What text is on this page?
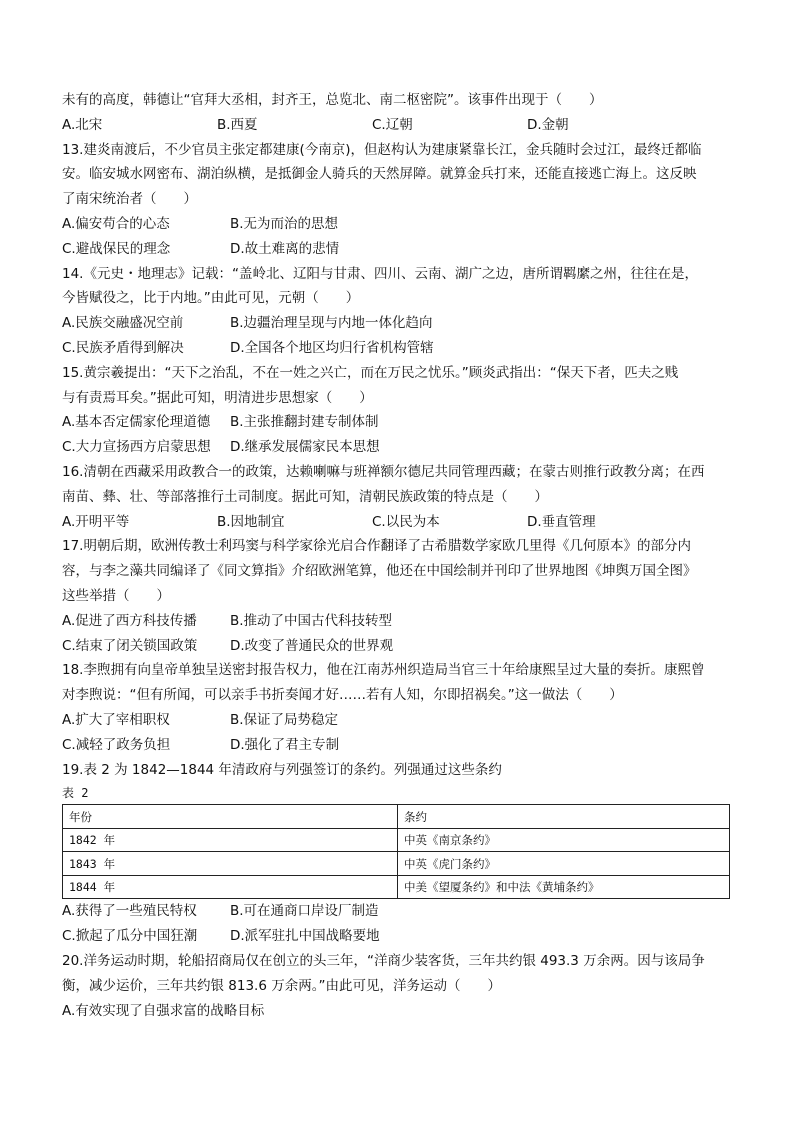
未有的高度，韩德让“官拜大丞相，封齐王，总览北、南二枢密院”。该事件出现于（　　）
A.北宋	B.西夏	C.辽朝	D.金朝
13.建炎南渡后，不少官员主张定都建康(今南京)，但赵构认为建康紧靠长江，金兵随时会过江，最终迁都临
安。临安城水网密布、湖泊纵横，是抵御金人骑兵的天然屏障。就算金兵打来，还能直接逃亡海上。这反映
了南宋统治者（　　）
A.偏安苟合的心态	B.无为而治的思想
C.避战保民的理念	D.故土难离的悲情
14.《元史・地理志》记载：“盖岭北、辽阳与甘肃、四川、云南、湖广之边，唐所谓羁縻之州，往往在是，
今皆赋役之，比于内地。”由此可见，元朝（　　）
A.民族交融盛况空前	B.边疆治理呈现与内地一体化趋向
C.民族矛盾得到解决	D.全国各个地区均归行省机构管辖
15.黄宗羲提出：“天下之治乱，不在一姓之兴亡，而在万民之忧乐。”顾炎武指出：“保天下者，匹夫之贱
与有责焉耳矣。”据此可知，明清进步思想家（　　）
A.基本否定儒家伦理道德	B.主张推翻封建专制体制
C.大力宣扬西方启蒙思想	D.继承发展儒家民本思想
16.清朝在西藏采用政教合一的政策，达赖喇嘛与班禅额尔德尼共同管理西藏；在蒙古则推行政教分离；在西
南苗、彝、壮、等部落推行土司制度。据此可知，清朝民族政策的特点是（　　）
A.开明平等	B.因地制宜	C.以民为本	D.垂直管理
17.明朝后期，欧洲传教士利玛窦与科学家徐光启合作翻译了古希腊数学家欧几里得《几何原本》的部分内
容，与李之藻共同编译了《同文算指》介绍欧洲笔算，他还在中国绘制并刊印了世界地图《坤舆万国全图》
这些举措（　　）
A.促进了西方科技传播	B.推动了中国古代科技转型
C.结束了闭关锁国政策	D.改变了普通民众的世界观
18.李煦拥有向皇帝单独呈送密封报告权力，他在江南苏州织造局当官三十年给康熙呈过大量的奏折。康熙曾
对李煦说：“但有所闻，可以亲手书折奏闻才好……若有人知，尔即招祸矣。”这一做法（　　）
A.扩大了宰相职权	B.保证了局势稳定
C.减轻了政务负担	D.强化了君主专制
19.表 2 为 1842—1844 年清政府与列强签订的条约。列强通过这些条约
表 2
年份	条约
1842 年	中英《南京条约》
1843 年	中英《虎门条约》
1844 年	中美《望厦条约》和中法《黄埔条约》
A.获得了一些殖民特权	B.可在通商口岸设厂制造
C.掀起了瓜分中国狂潮	D.派军驻扎中国战略要地
20.洋务运动时期，轮船招商局仅在创立的头三年，“洋商少装客货，三年共约银 493.3 万余两。因与该局争
衡，减少运价，三年共约银 813.6 万余两。”由此可见，洋务运动（　　）
A.有效实现了自强求富的战略目标
